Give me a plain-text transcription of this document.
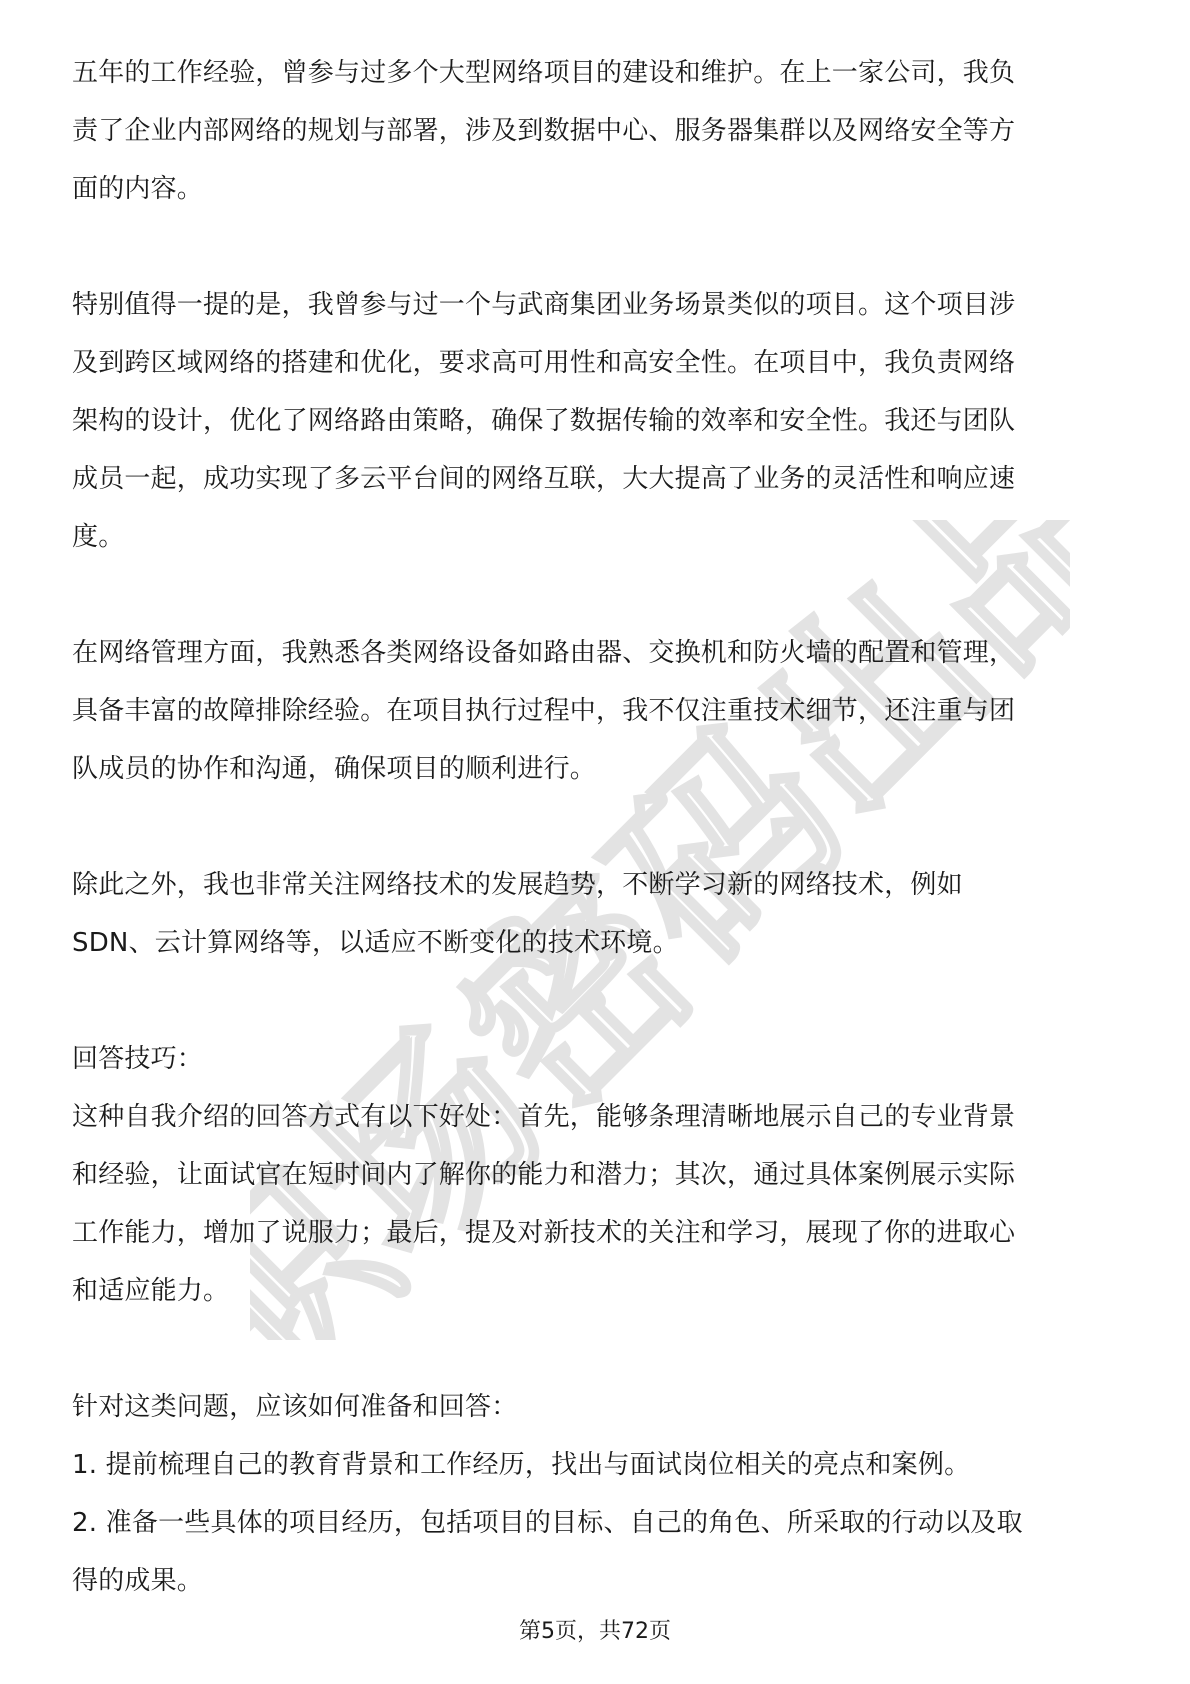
职场密码出品

五年的工作经验，曾参与过多个大型网络项目的建设和维护。在上一家公司，我负
责了企业内部网络的规划与部署，涉及到数据中心、服务器集群以及网络安全等方
面的内容。

特别值得一提的是，我曾参与过一个与武商集团业务场景类似的项目。这个项目涉
及到跨区域网络的搭建和优化，要求高可用性和高安全性。在项目中，我负责网络
架构的设计，优化了网络路由策略，确保了数据传输的效率和安全性。我还与团队
成员一起，成功实现了多云平台间的网络互联，大大提高了业务的灵活性和响应速
度。

在网络管理方面，我熟悉各类网络设备如路由器、交换机和防火墙的配置和管理，
具备丰富的故障排除经验。在项目执行过程中，我不仅注重技术细节，还注重与团
队成员的协作和沟通，确保项目的顺利进行。

除此之外，我也非常关注网络技术的发展趋势，不断学习新的网络技术，例如
SDN、云计算网络等，以适应不断变化的技术环境。

回答技巧：
这种自我介绍的回答方式有以下好处：首先，能够条理清晰地展示自己的专业背景
和经验，让面试官在短时间内了解你的能力和潜力；其次，通过具体案例展示实际
工作能力，增加了说服力；最后，提及对新技术的关注和学习，展现了你的进取心
和适应能力。

针对这类问题，应该如何准备和回答：
1. 提前梳理自己的教育背景和工作经历，找出与面试岗位相关的亮点和案例。
2. 准备一些具体的项目经历，包括项目的目标、自己的角色、所采取的行动以及取
得的成果。

第5页，共72页
